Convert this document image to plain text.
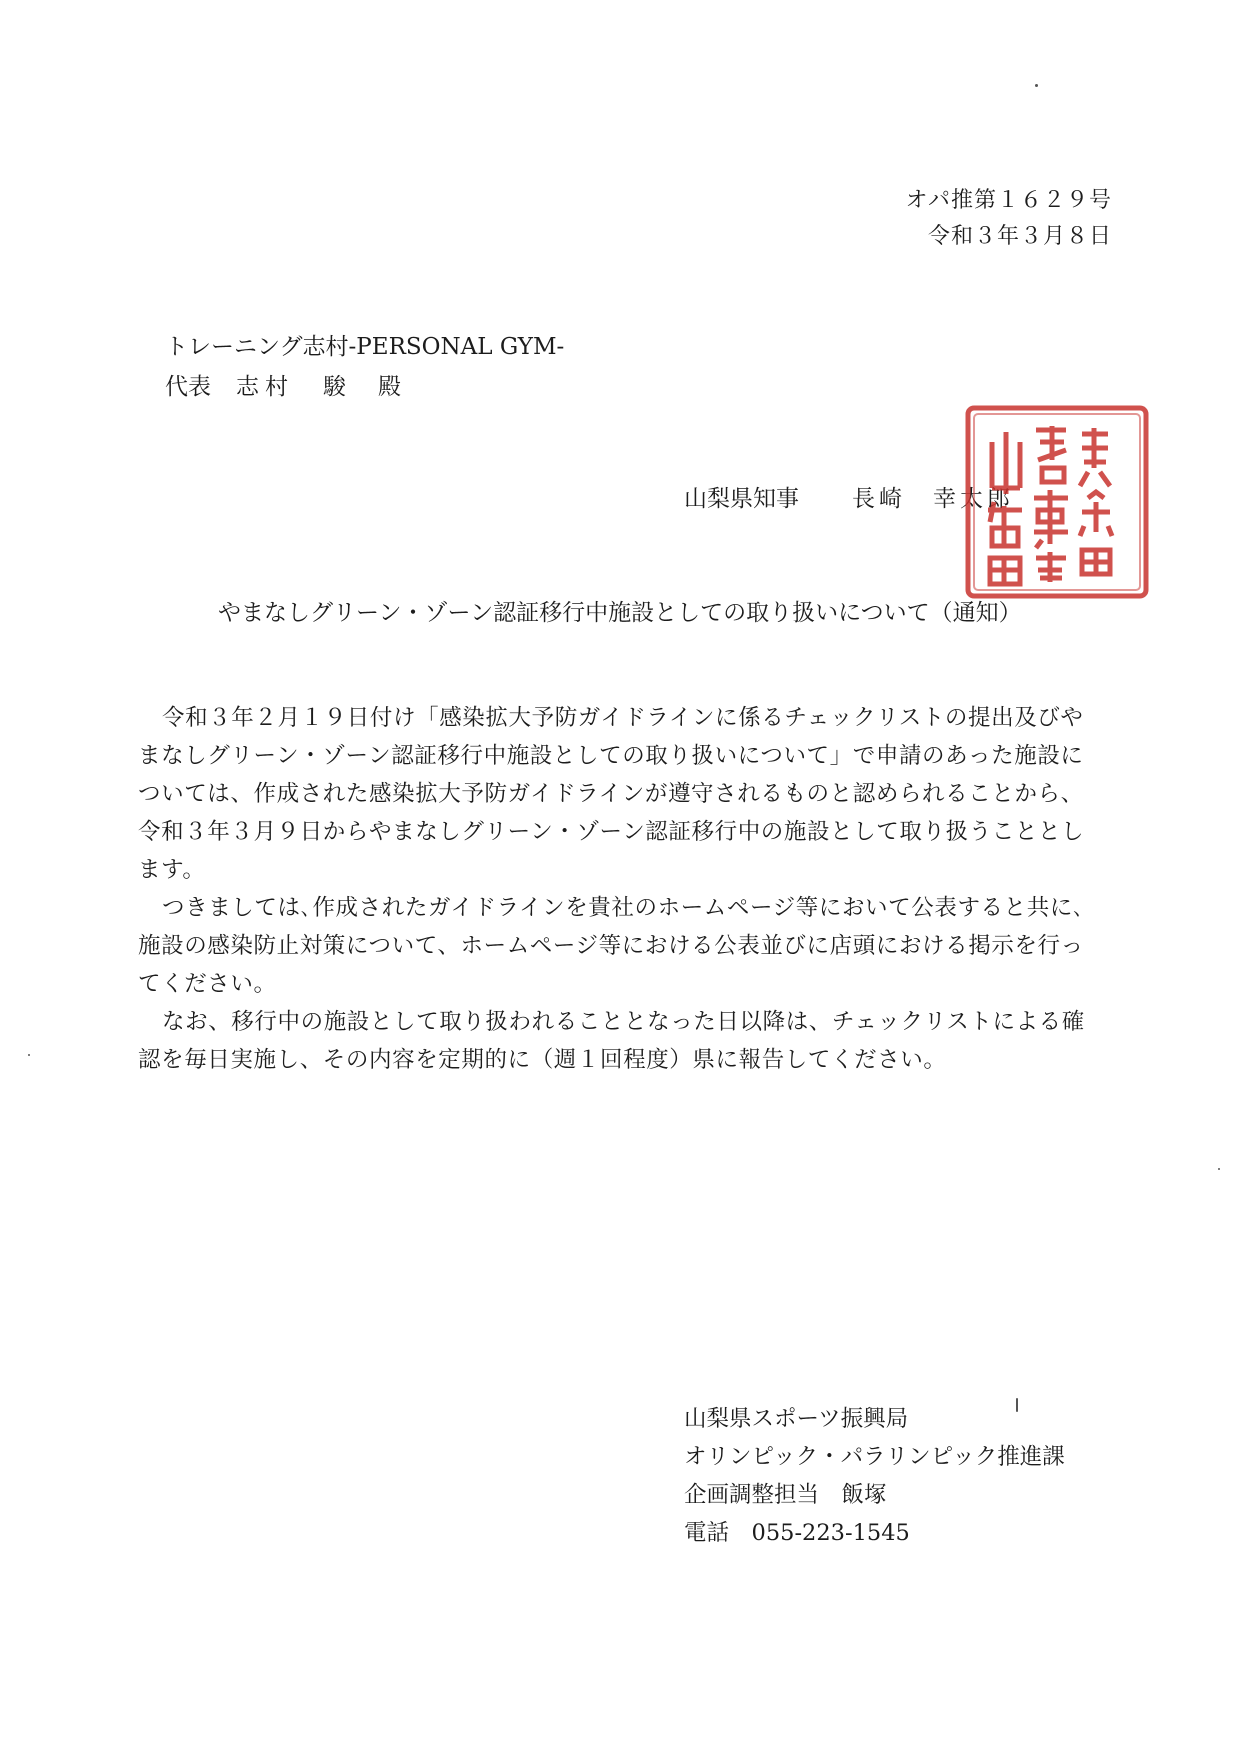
オパ推第１６２９号
令和３年３月８日
トレーニング志村-PERSONAL GYM-
代表 志村　駿 殿
山梨県知事 長崎　幸太郎
やまなしグリーン・ゾーン認証移行中施設としての取り扱いについて（通知）
令和３年２月１９日付け「感染拡大予防ガイドラインに係るチェックリストの提出及びや
まなしグリーン・ゾーン認証移行中施設としての取り扱いについて」で申請のあった施設に
ついては、作成された感染拡大予防ガイドラインが遵守されるものと認められることから、
令和３年３月９日からやまなしグリーン・ゾーン認証移行中の施設として取り扱うこととし
ます。
つきましては､作成されたガイドラインを貴社のホームページ等において公表すると共に､
施設の感染防止対策について、ホームページ等における公表並びに店頭における掲示を行っ
てください。
なお、移行中の施設として取り扱われることとなった日以降は、チェックリストによる確
認を毎日実施し、その内容を定期的に（週１回程度）県に報告してください。
山梨県スポーツ振興局
オリンピック・パラリンピック推進課
企画調整担当　飯塚
電話　055-223-1545
